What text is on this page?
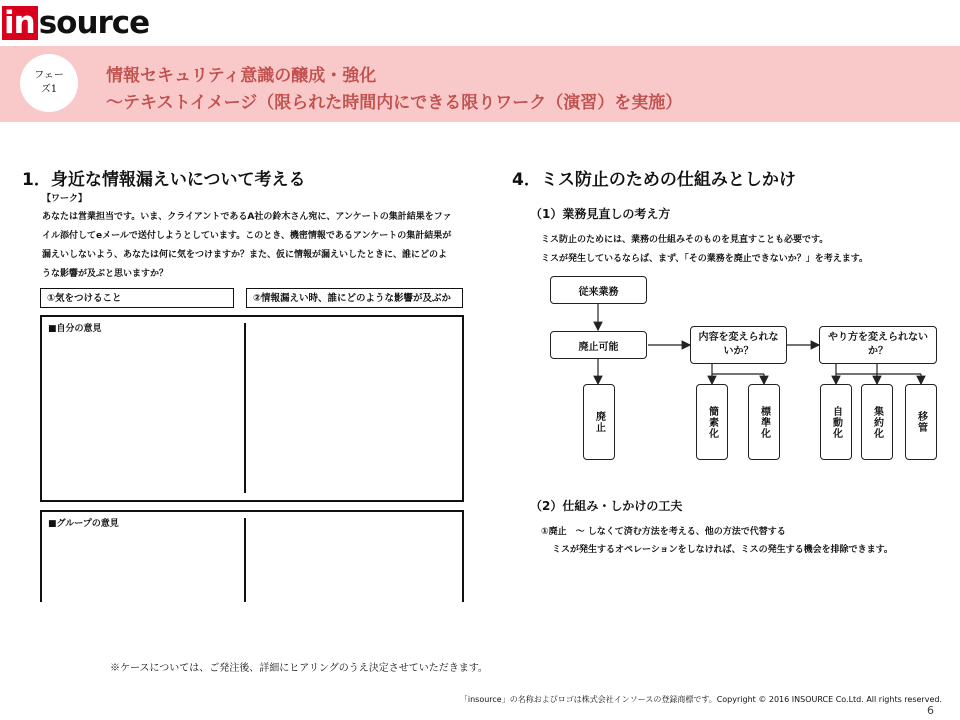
in source
フェー
ズ1
情報セキュリティ意識の醸成・強化
～テキストイメージ（限られた時間内にできる限りワーク（演習）を実施）
1．身近な情報漏えいについて考える
【ワーク】
あなたは営業担当です。いま、クライアントであるA社の鈴木さん宛に、アンケートの集計結果をファ
イル添付してeメールで送付しようとしています。このとき、機密情報であるアンケートの集計結果が
漏えいしないよう、あなたは何に気をつけますか？また、仮に情報が漏えいしたときに、誰にどのよ
うな影響が及ぶと思いますか？
①気をつけること	②情報漏えい時、誰にどのような影響が及ぶか
■自分の意見
■グループの意見
4．ミス防止のための仕組みとしかけ
（1）業務見直しの考え方
ミス防止のためには、業務の仕組みそのものを見直すことも必要です。
ミスが発生しているならば、まず、「その業務を廃止できないか？」を考えます。
従来業務
廃止可能
内容を変えられないか？
やり方を変えられないか？
廃止	簡素化	標準化	自動化	集約化	移管
（2）仕組み・しかけの工夫
①廃止　～ しなくて済む方法を考える、他の方法で代替する
ミスが発生するオペレーションをしなければ、ミスの発生する機会を排除できます。
※ケースについては、ご発注後、詳細にヒアリングのうえ決定させていただきます。
「insource」の名称およびロゴは株式会社インソースの登録商標です。Copyright © 2016 INSOURCE Co.Ltd. All rights reserved.
6
